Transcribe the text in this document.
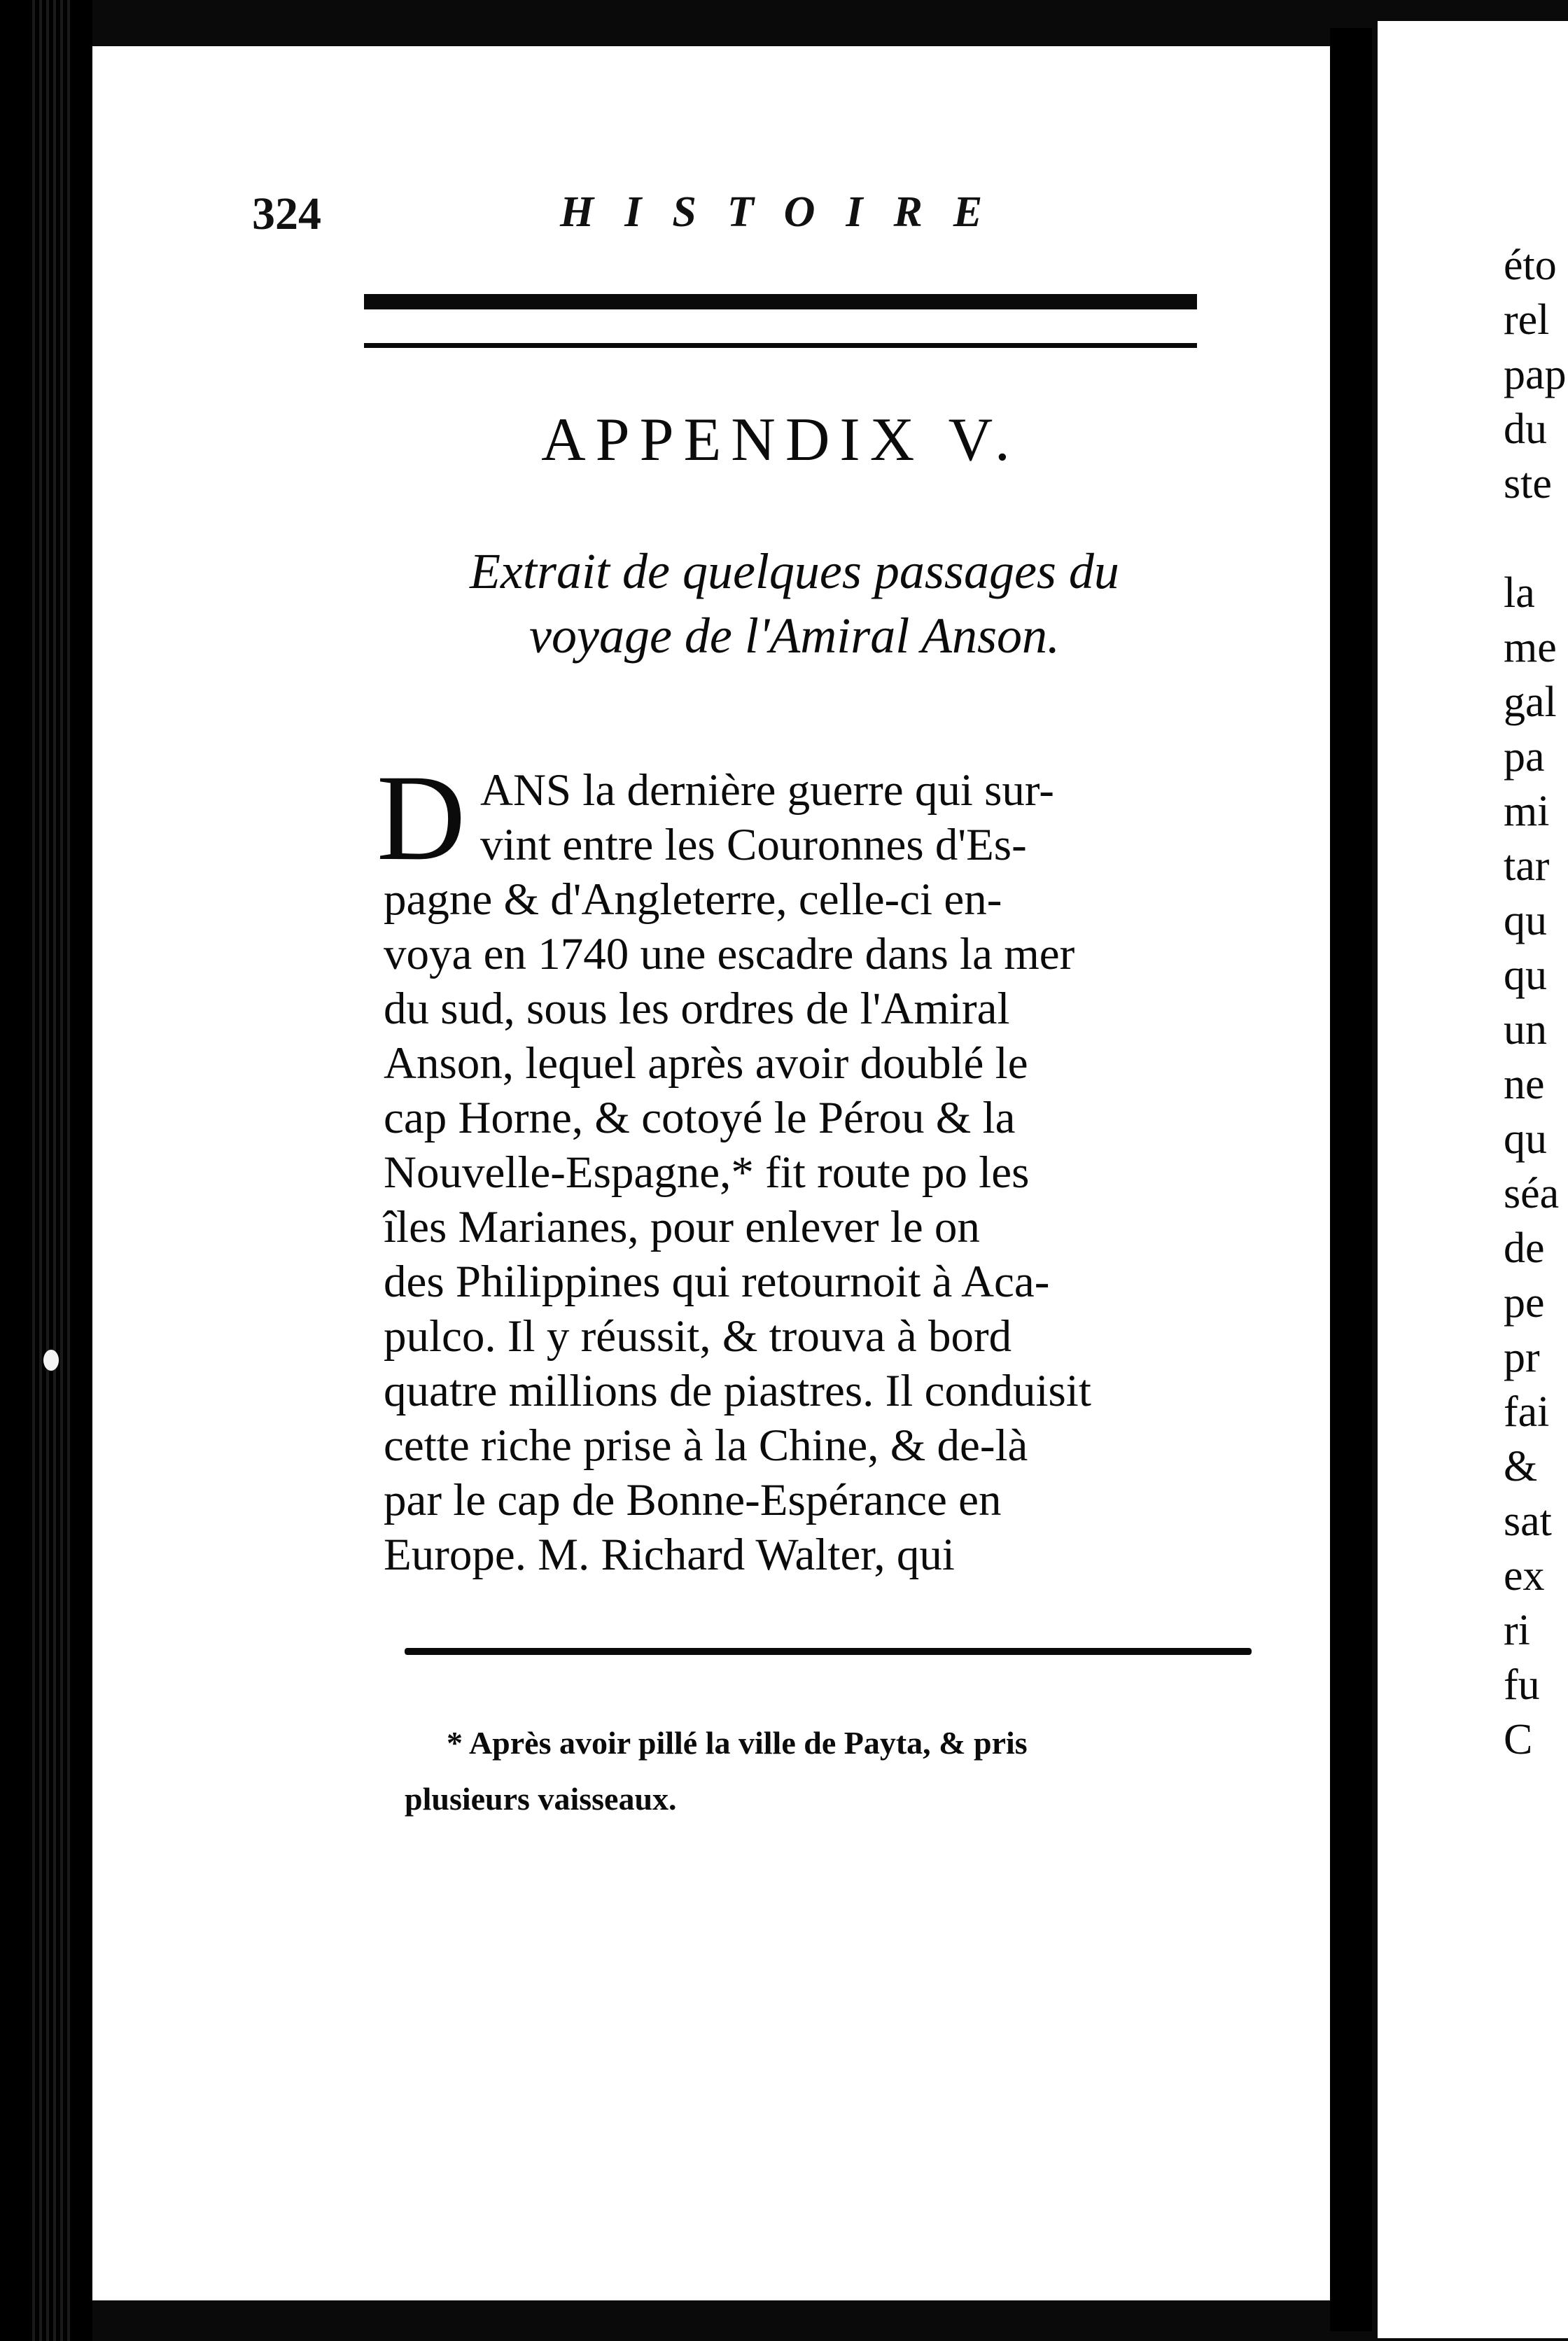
324	HISTOIRE
APPENDIX V.
Extrait de quelques passages du
voyage de l'Amiral Anson.
D ANS la dernière guerre qui sur-
vint entre les Couronnes d'Es-
pagne & d'Angleterre, celle-ci en-
voya en 1740 une escadre dans la mer
du sud, sous les ordres de l'Amiral
Anson, lequel après avoir doublé le
cap Horne, & cotoyé le Pérou & la
Nouvelle-Espagne,* fit route po les
îles Marianes, pour enlever le on
des Philippines qui retournoit à Aca-
pulco. Il y réussit, & trouva à bord
quatre millions de piastres. Il conduisit
cette riche prise à la Chine, & de-là
par le cap de Bonne-Espérance en
Europe. M. Richard Walter, qui
* Après avoir pillé la ville de Payta, & pris
plusieurs vaisseaux.
éto
rel
pap
du
ste

la
me
gal
pa
mi
tar
qu
qu
un
ne
qu
séa
de
pe
pr
fai
&
sat
ex
ri
fu
C
